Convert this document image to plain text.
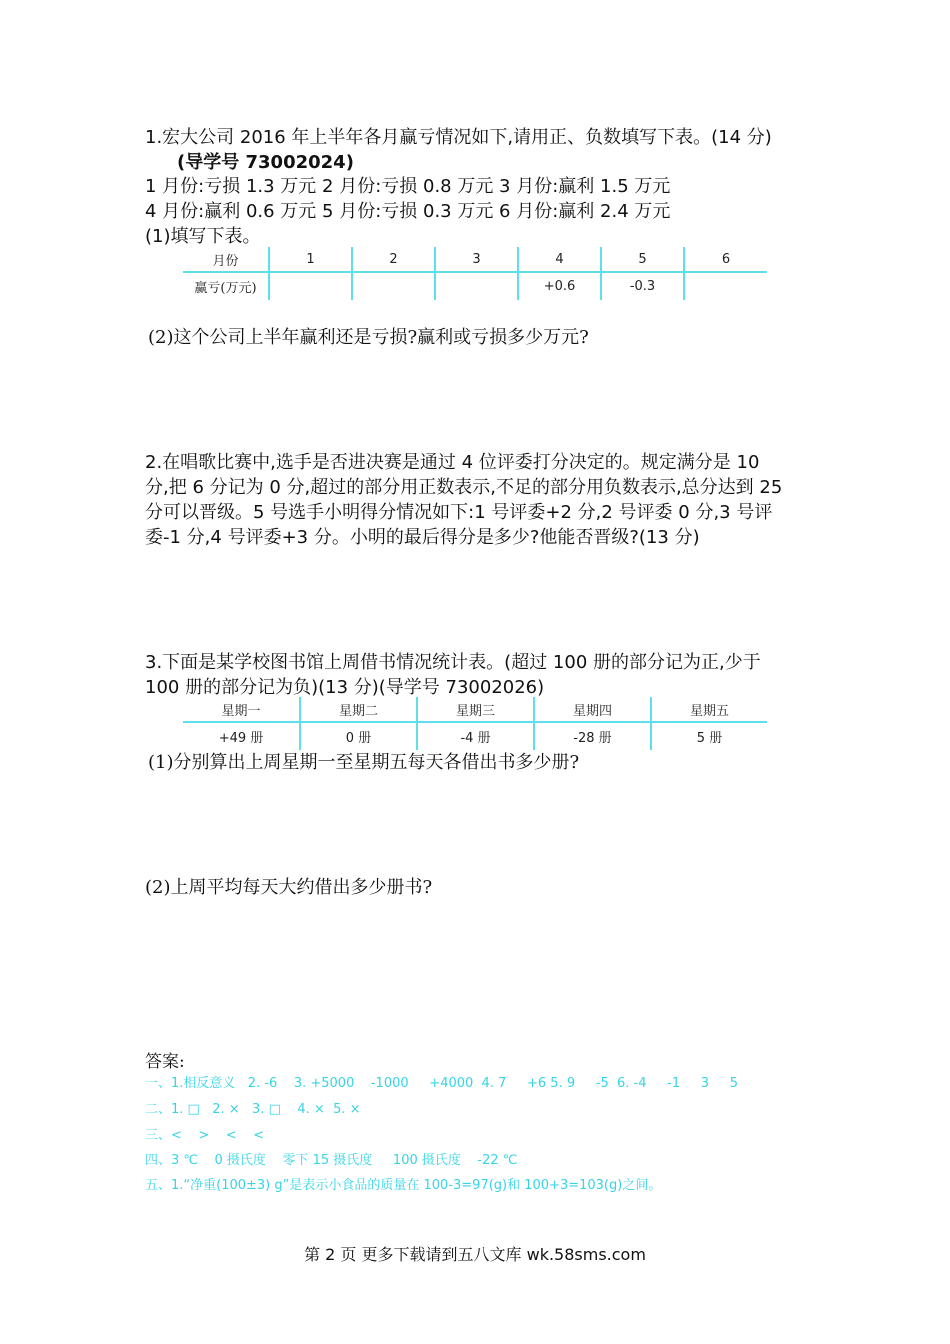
1.宏大公司 2016 年上半年各月赢亏情况如下,请用正、负数填写下表。(14 分)
(导学号 73002024)
1 月份:亏损 1.3 万元 2 月份:亏损 0.8 万元 3 月份:赢利 1.5 万元
4 月份:赢利 0.6 万元 5 月份:亏损 0.3 万元 6 月份:赢利 2.4 万元
(1)填写下表。
月份	1	2	3	4	5	6
赢亏(万元)				+0.6	-0.3	
(2)这个公司上半年赢利还是亏损?赢利或亏损多少万元?
2.在唱歌比赛中,选手是否进决赛是通过 4 位评委打分决定的。规定满分是 10
分,把 6 分记为 0 分,超过的部分用正数表示,不足的部分用负数表示,总分达到 25
分可以晋级。5 号选手小明得分情况如下:1 号评委+2 分,2 号评委 0 分,3 号评
委-1 分,4 号评委+3 分。小明的最后得分是多少?他能否晋级?(13 分)
3.下面是某学校图书馆上周借书情况统计表。(超过 100 册的部分记为正,少于
100 册的部分记为负)(13 分)(导学号 73002026)
星期一	星期二	星期三	星期四	星期五
+49 册	0 册	-4 册	-28 册	5 册
(1)分别算出上周星期一至星期五每天各借出书多少册?
(2)上周平均每天大约借出多少册书?
答案:
一、1.相反意义   2. -6    3. +5000    -1000     +4000  4. 7     +6 5. 9     -5  6. -4     -1     3     5
二、1. □   2. ×   3. □    4. ×  5. ×
三、<    >    <    <
四、3 ℃    0 摄氏度    零下 15 摄氏度     100 摄氏度    -22 ℃
五、1.“净重(100±3) g”是表示小食品的质量在 100-3=97(g)和 100+3=103(g)之间。
第 2 页 更多下载请到五八文库 wk.58sms.com
